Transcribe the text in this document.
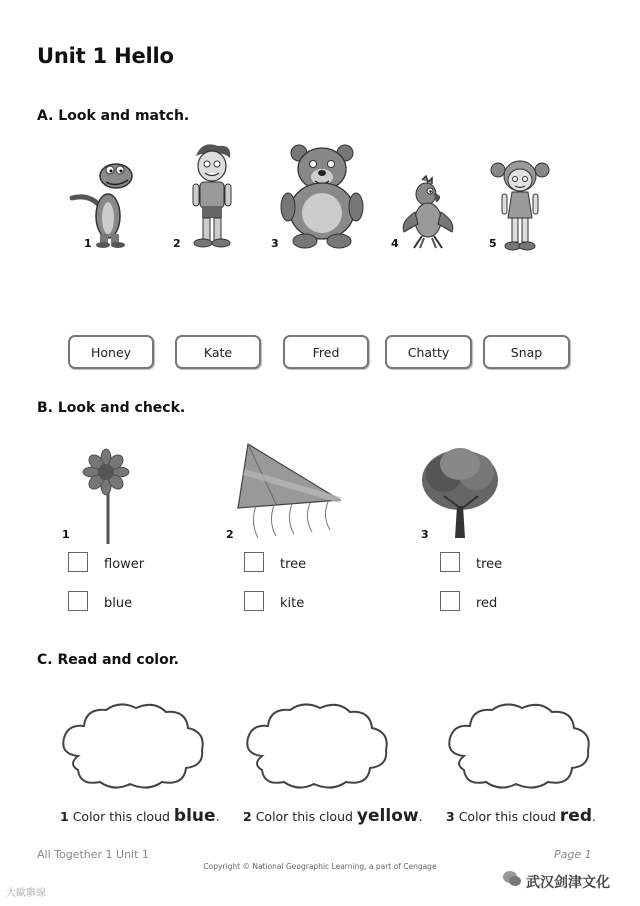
Unit 1 Hello
A. Look and match.
1	2	3	4	5
Honey	Kate	Fred	Chatty	Snap
B. Look and check.
1	2	3
flower
blue
tree
kite
tree
red
C. Read and color.
1 Color this cloud blue. 2 Color this cloud yellow. 3 Color this cloud red.
All Together 1 Unit 1	Page 1
Copyright © National Geographic Learning, a part of Cengage
大歐聯線
武汉剑津文化
